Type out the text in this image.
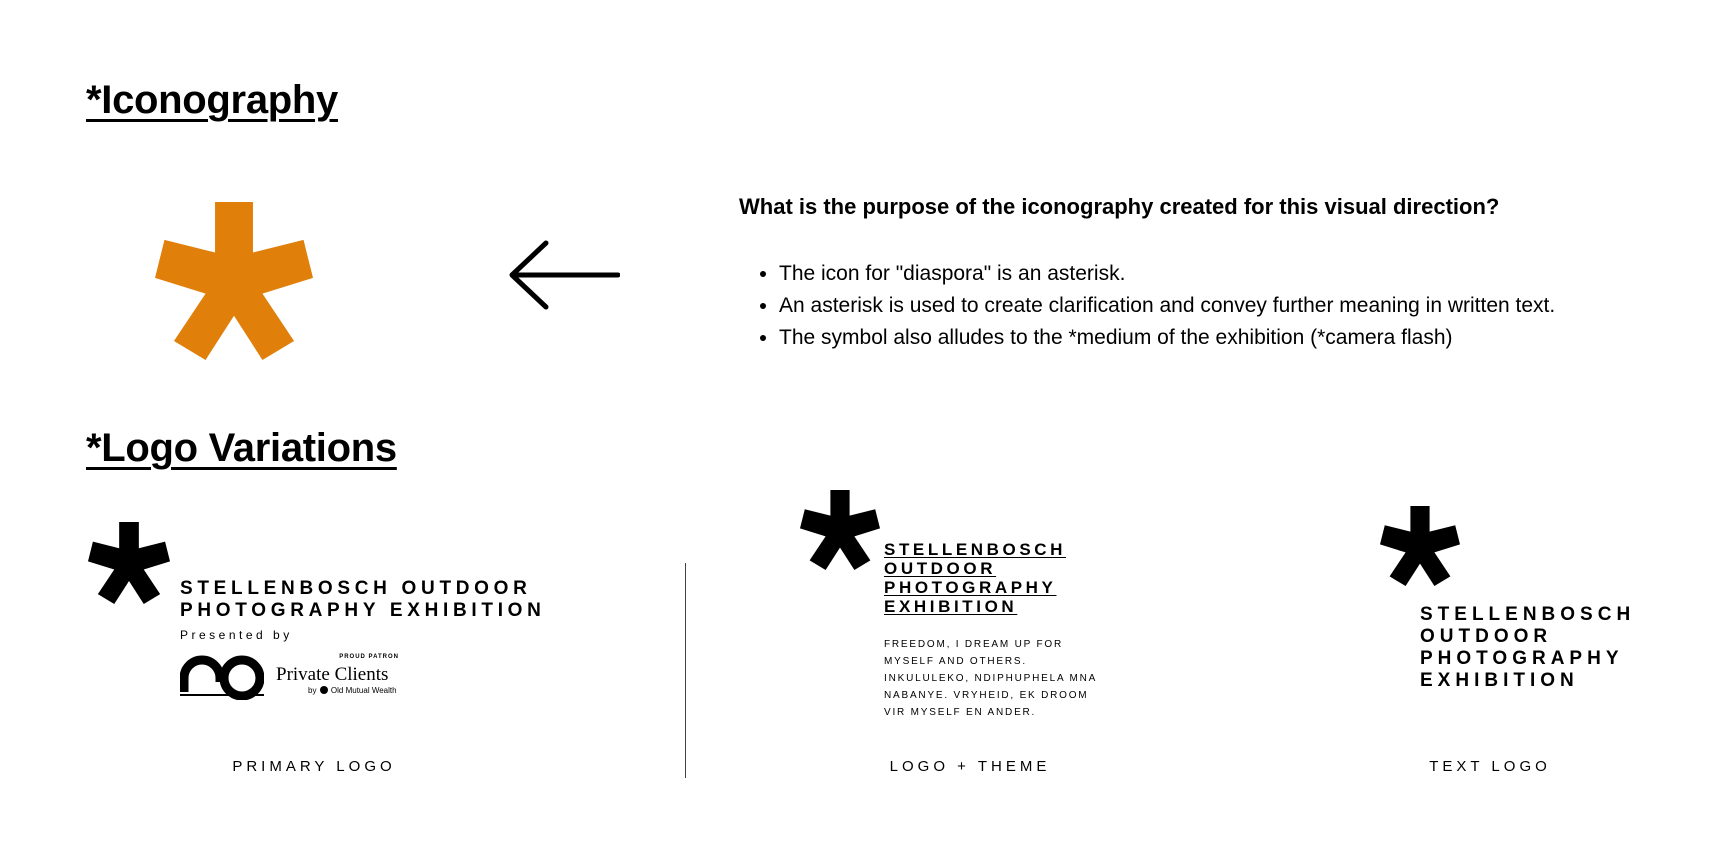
*Iconography
What is the purpose of the iconography created for this visual direction?
• The icon for "diaspora" is an asterisk.
• An asterisk is used to create clarification and convey further meaning in written text.
• The symbol also alludes to the *medium of the exhibition (*camera flash)
*Logo Variations
STELLENBOSCH OUTDOOR
PHOTOGRAPHY EXHIBITION
Presented by
PROUD PATRON
Private Clients
by Old Mutual Wealth
PRIMARY LOGO
STELLENBOSCH
OUTDOOR
PHOTOGRAPHY
EXHIBITION
FREEDOM, I DREAM UP FOR
MYSELF AND OTHERS.
INKULULEKO, NDIPHUPHELA MNA
NABANYE. VRYHEID, EK DROOM
VIR MYSELF EN ANDER.
LOGO + THEME
STELLENBOSCH
OUTDOOR
PHOTOGRAPHY
EXHIBITION
TEXT LOGO
